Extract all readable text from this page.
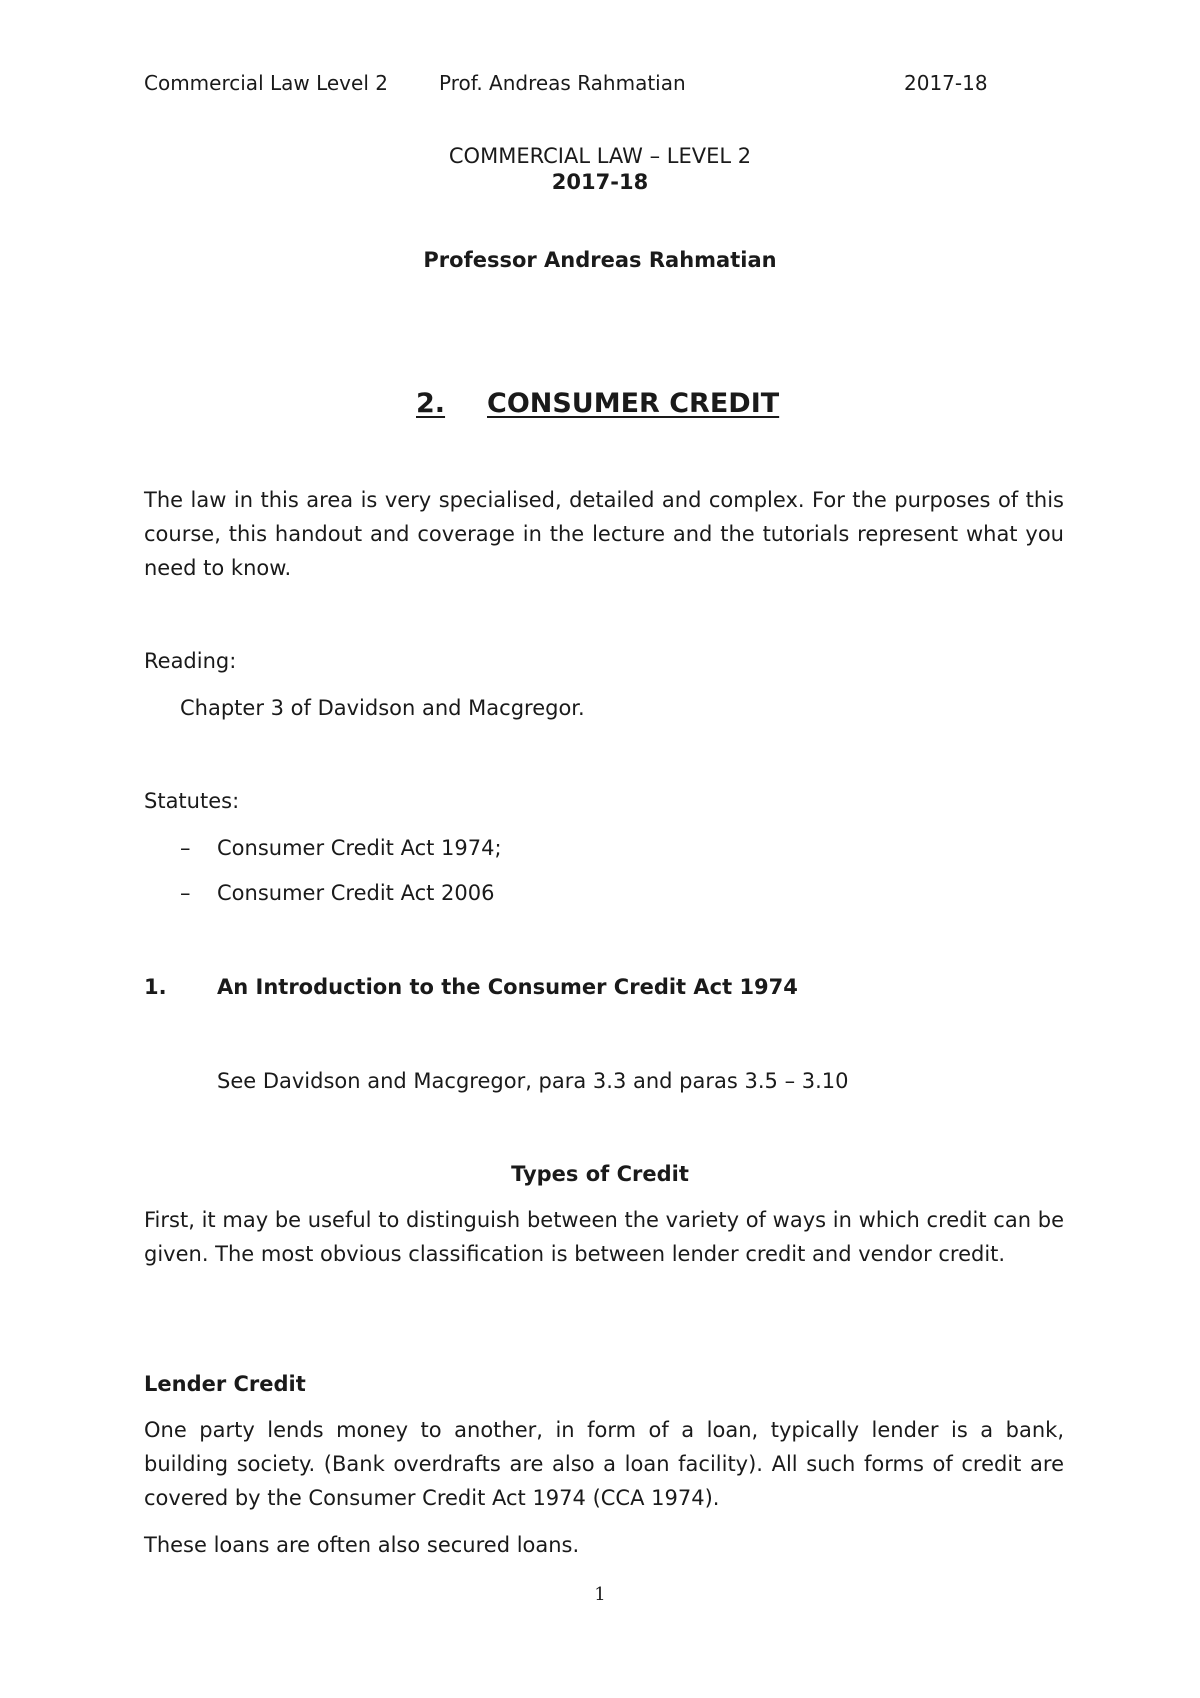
Commercial Law Level 2	Prof. Andreas Rahmatian	2017-18
COMMERCIAL LAW – LEVEL 2
2017-18
Professor Andreas Rahmatian
2. CONSUMER CREDIT
The law in this area is very specialised, detailed and complex. For the purposes of this course, this handout and coverage in the lecture and the tutorials represent what you need to know.
Reading:
Chapter 3 of Davidson and Macgregor.
Statutes:
– Consumer Credit Act 1974;
– Consumer Credit Act 2006
1. An Introduction to the Consumer Credit Act 1974
See Davidson and Macgregor, para 3.3 and paras 3.5 – 3.10
Types of Credit
First, it may be useful to distinguish between the variety of ways in which credit can be given. The most obvious classification is between lender credit and vendor credit.
Lender Credit
One party lends money to another, in form of a loan, typically lender is a bank, building society. (Bank overdrafts are also a loan facility). All such forms of credit are covered by the Consumer Credit Act 1974 (CCA 1974).
These loans are often also secured loans.
1
